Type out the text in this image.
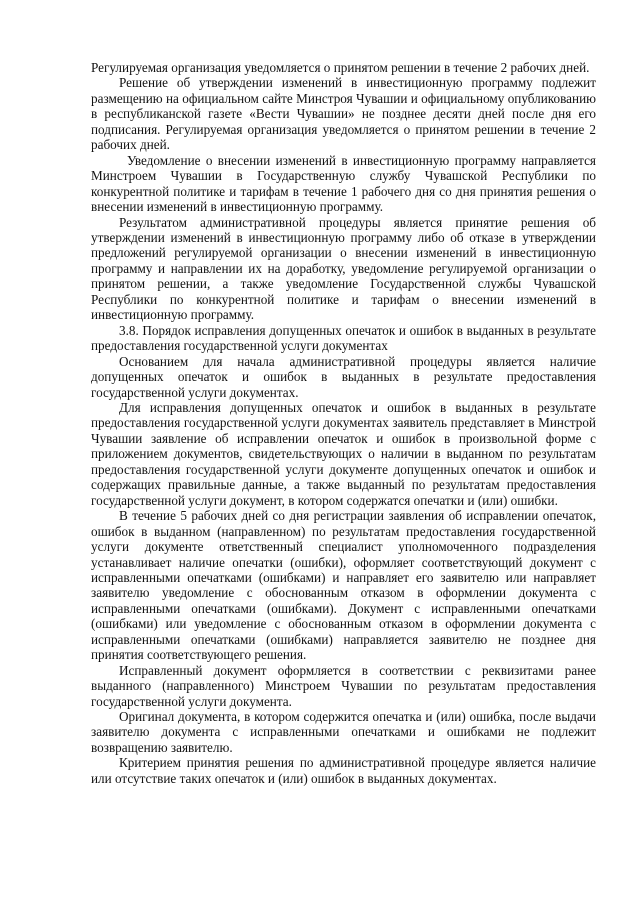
Регулируемая организация уведомляется о принятом решении в течение 2 рабочих дней.

Решение об утверждении изменений в инвестиционную программу подлежит размещению на официальном сайте Минстроя Чувашии и официальному опубликованию в республиканской газете «Вести Чувашии» не позднее десяти дней после дня его подписания. Регулируемая организация уведомляется о принятом решении в течение 2 рабочих дней.

Уведомление о внесении изменений в инвестиционную программу направляется Минстроем Чувашии в Государственную службу Чувашской Республики по конкурентной политике и тарифам в течение 1 рабочего дня со дня принятия решения о внесении изменений в инвестиционную программу.

Результатом административной процедуры является принятие решения об утверждении изменений в инвестиционную программу либо об отказе в утверждении предложений регулируемой организации о внесении изменений в инвестиционную программу и направлении их на доработку, уведомление регулируемой организации о принятом решении, а также уведомление Государственной службы Чувашской Республики по конкурентной политике и тарифам о внесении изменений в инвестиционную программу.

3.8. Порядок исправления допущенных опечаток и ошибок в выданных в результате предоставления государственной услуги документах

Основанием для начала административной процедуры является наличие допущенных опечаток и ошибок в выданных в результате предоставления государственной услуги документах.

Для исправления допущенных опечаток и ошибок в выданных в результате предоставления государственной услуги документах заявитель представляет в Минстрой Чувашии заявление об исправлении опечаток и ошибок в произвольной форме с приложением документов, свидетельствующих о наличии в выданном по результатам предоставления государственной услуги документе допущенных опечаток и ошибок и содержащих правильные данные, а также выданный по результатам предоставления государственной услуги документ, в котором содержатся опечатки и (или) ошибки.

В течение 5 рабочих дней со дня регистрации заявления об исправлении опечаток, ошибок в выданном (направленном) по результатам предоставления государственной услуги документе ответственный специалист уполномоченного подразделения устанавливает наличие опечатки (ошибки), оформляет соответствующий документ с исправленными опечатками (ошибками) и направляет его заявителю или направляет заявителю уведомление с обоснованным отказом в оформлении документа с исправленными опечатками (ошибками). Документ с исправленными опечатками (ошибками) или уведомление с обоснованным отказом в оформлении документа с исправленными опечатками (ошибками) направляется заявителю не позднее дня принятия соответствующего решения.

Исправленный документ оформляется в соответствии с реквизитами ранее выданного (направленного) Минстроем Чувашии по результатам предоставления государственной услуги документа.

Оригинал документа, в котором содержится опечатка и (или) ошибка, после выдачи заявителю документа с исправленными опечатками и ошибками не подлежит возвращению заявителю.

Критерием принятия решения по административной процедуре является наличие или отсутствие таких опечаток и (или) ошибок в выданных документах.
